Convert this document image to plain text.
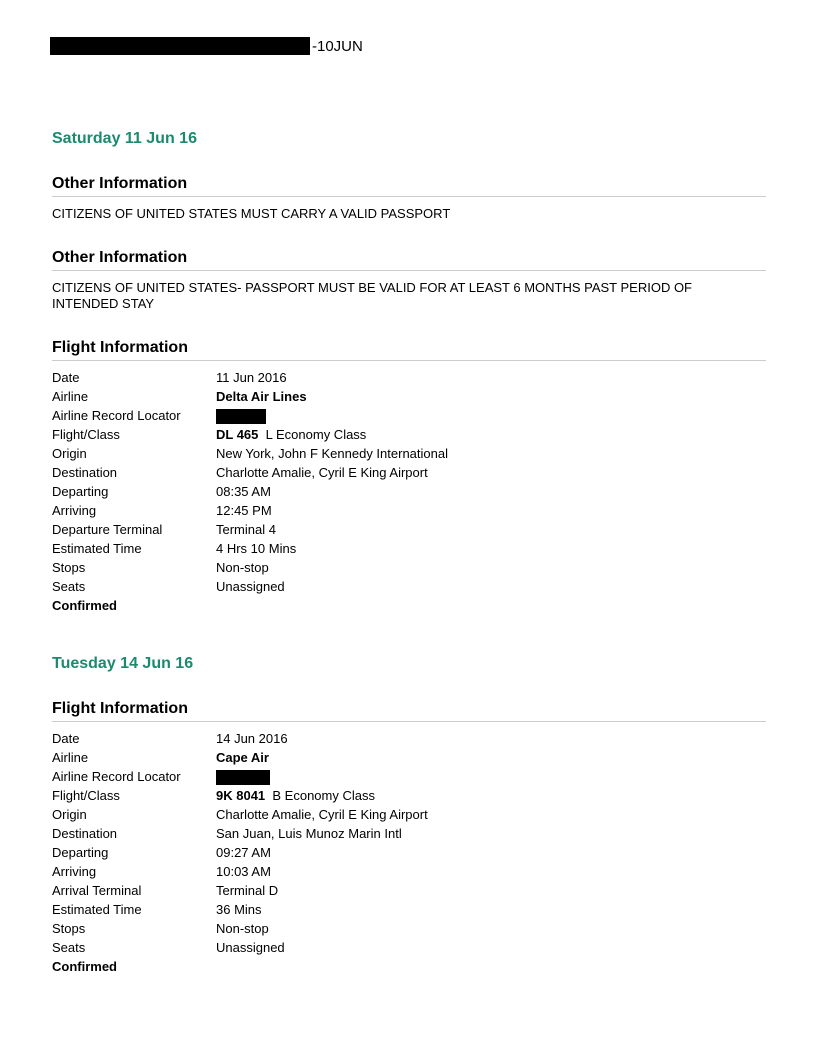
-10JUN
Saturday 11 Jun 16
Other Information
CITIZENS OF UNITED STATES MUST CARRY A VALID PASSPORT
Other Information
CITIZENS OF UNITED STATES- PASSPORT MUST BE VALID FOR AT LEAST 6 MONTHS PAST PERIOD OF INTENDED STAY
Flight Information
Date	11 Jun 2016
Airline	Delta Air Lines
Airline Record Locator
Flight/Class	DL 465 L Economy Class
Origin	New York, John F Kennedy International
Destination	Charlotte Amalie, Cyril E King Airport
Departing	08:35 AM
Arriving	12:45 PM
Departure Terminal	Terminal 4
Estimated Time	4 Hrs 10 Mins
Stops	Non-stop
Seats	Unassigned
Confirmed
Tuesday 14 Jun 16
Flight Information
Date	14 Jun 2016
Airline	Cape Air
Airline Record Locator
Flight/Class	9K 8041 B Economy Class
Origin	Charlotte Amalie, Cyril E King Airport
Destination	San Juan, Luis Munoz Marin Intl
Departing	09:27 AM
Arriving	10:03 AM
Arrival Terminal	Terminal D
Estimated Time	36 Mins
Stops	Non-stop
Seats	Unassigned
Confirmed
